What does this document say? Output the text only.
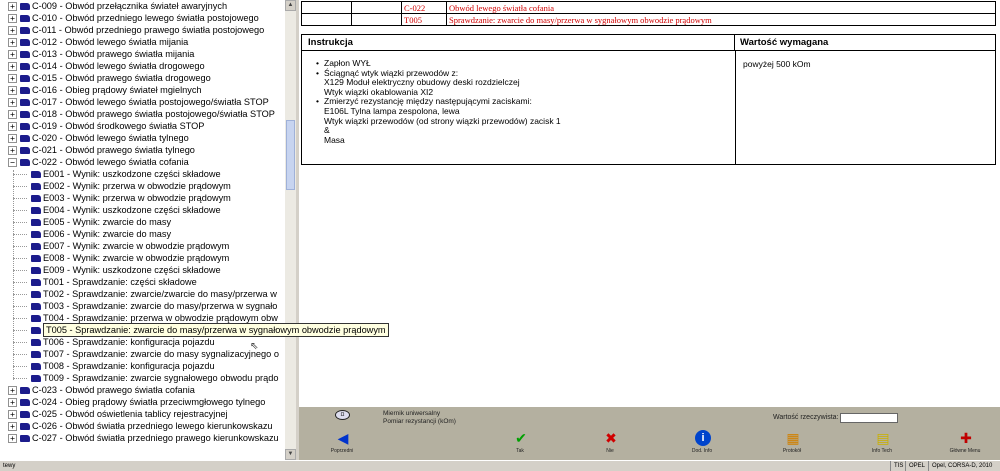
+ C-009 - Obwód przełącznika świateł awaryjnych
+ C-010 - Obwód przedniego lewego światła postojowego
+ C-011 - Obwód przedniego prawego światła postojowego
+ C-012 - Obwód lewego światła mijania
+ C-013 - Obwód prawego światła mijania
+ C-014 - Obwód lewego światła drogowego
+ C-015 - Obwód prawego światła drogowego
+ C-016 - Obieg prądowy świateł mgielnych
+ C-017 - Obwód lewego światła postojowego/światła STOP
+ C-018 - Obwód prawego światła postojowego/światła STOP
+ C-019 - Obwód środkowego światła STOP
+ C-020 - Obwód lewego światła tylnego
+ C-021 - Obwód prawego światła tylnego
− C-022 - Obwód lewego światła cofania
E001 - Wynik: uszkodzone części składowe
E002 - Wynik: przerwa w obwodzie prądowym
E003 - Wynik: przerwa w obwodzie prądowym
E004 - Wynik: uszkodzone części składowe
E005 - Wynik: zwarcie do masy
E006 - Wynik: zwarcie do masy
E007 - Wynik: zwarcie w obwodzie prądowym
E008 - Wynik: zwarcie w obwodzie prądowym
E009 - Wynik: uszkodzone części składowe
T001 - Sprawdzanie: części składowe
T002 - Sprawdzanie: zwarcie/zwarcie do masy/przerwa w
T003 - Sprawdzanie: zwarcie do masy/przerwa w sygnało
T004 - Sprawdzanie: przerwa w obwodzie prądowym obw
T005 - Sprawdzanie: zwarcie do masy/przerwa w sygnałowym obwodzie prądowym
T006 - Sprawdzanie: konfiguracja pojazdu
T007 - Sprawdzanie: zwarcie do masy sygnalizacyjnego o
T008 - Sprawdzanie: konfiguracja pojazdu
T009 - Sprawdzanie: zwarcie sygnałowego obwodu prądo
+ C-023 - Obwód prawego światła cofania
+ C-024 - Obieg prądowy światła przeciwmgłowego tylnego
+ C-025 - Obwód oświetlenia tablicy rejestracyjnej
+ C-026 - Obwód światła przedniego lewego kierunkowskazu
+ C-027 - Obwód światła przedniego prawego kierunkowskazu
▲
▼
⇖
		C-022	Obwód lewego światła cofania
		T005	Sprawdzanie: zwarcie do masy/przerwa w sygnałowym obwodzie prądowym
Instrukcja	Wartość wymagana
• Zapłon WYŁ
• Ściągnąć wtyk wiązki przewodów z:
X129 Moduł elektryczny obudowy deski rozdzielczej
Wtyk wiązki okablowania XI2
• Zmierzyć rezystancję między następującymi zaciskami:
E106L Tylna lampa zespolona, lewa
Wtyk wiązki przewodów (od strony wiązki przewodów) zacisk 1
&
Masa
powyżej 500 kOm
Ω	Miernik uniwersalny
Pomiar rezystancji (kOm)
Wartość rzeczywista:
◀
Poprzedni
✔
Tak
✖
Nie
i
Dod. Info
▦
Protokół
▤
Info Tech
✚
Główne Menu
tewy	TIS OPEL	Opel, CORSA-D, 2010
